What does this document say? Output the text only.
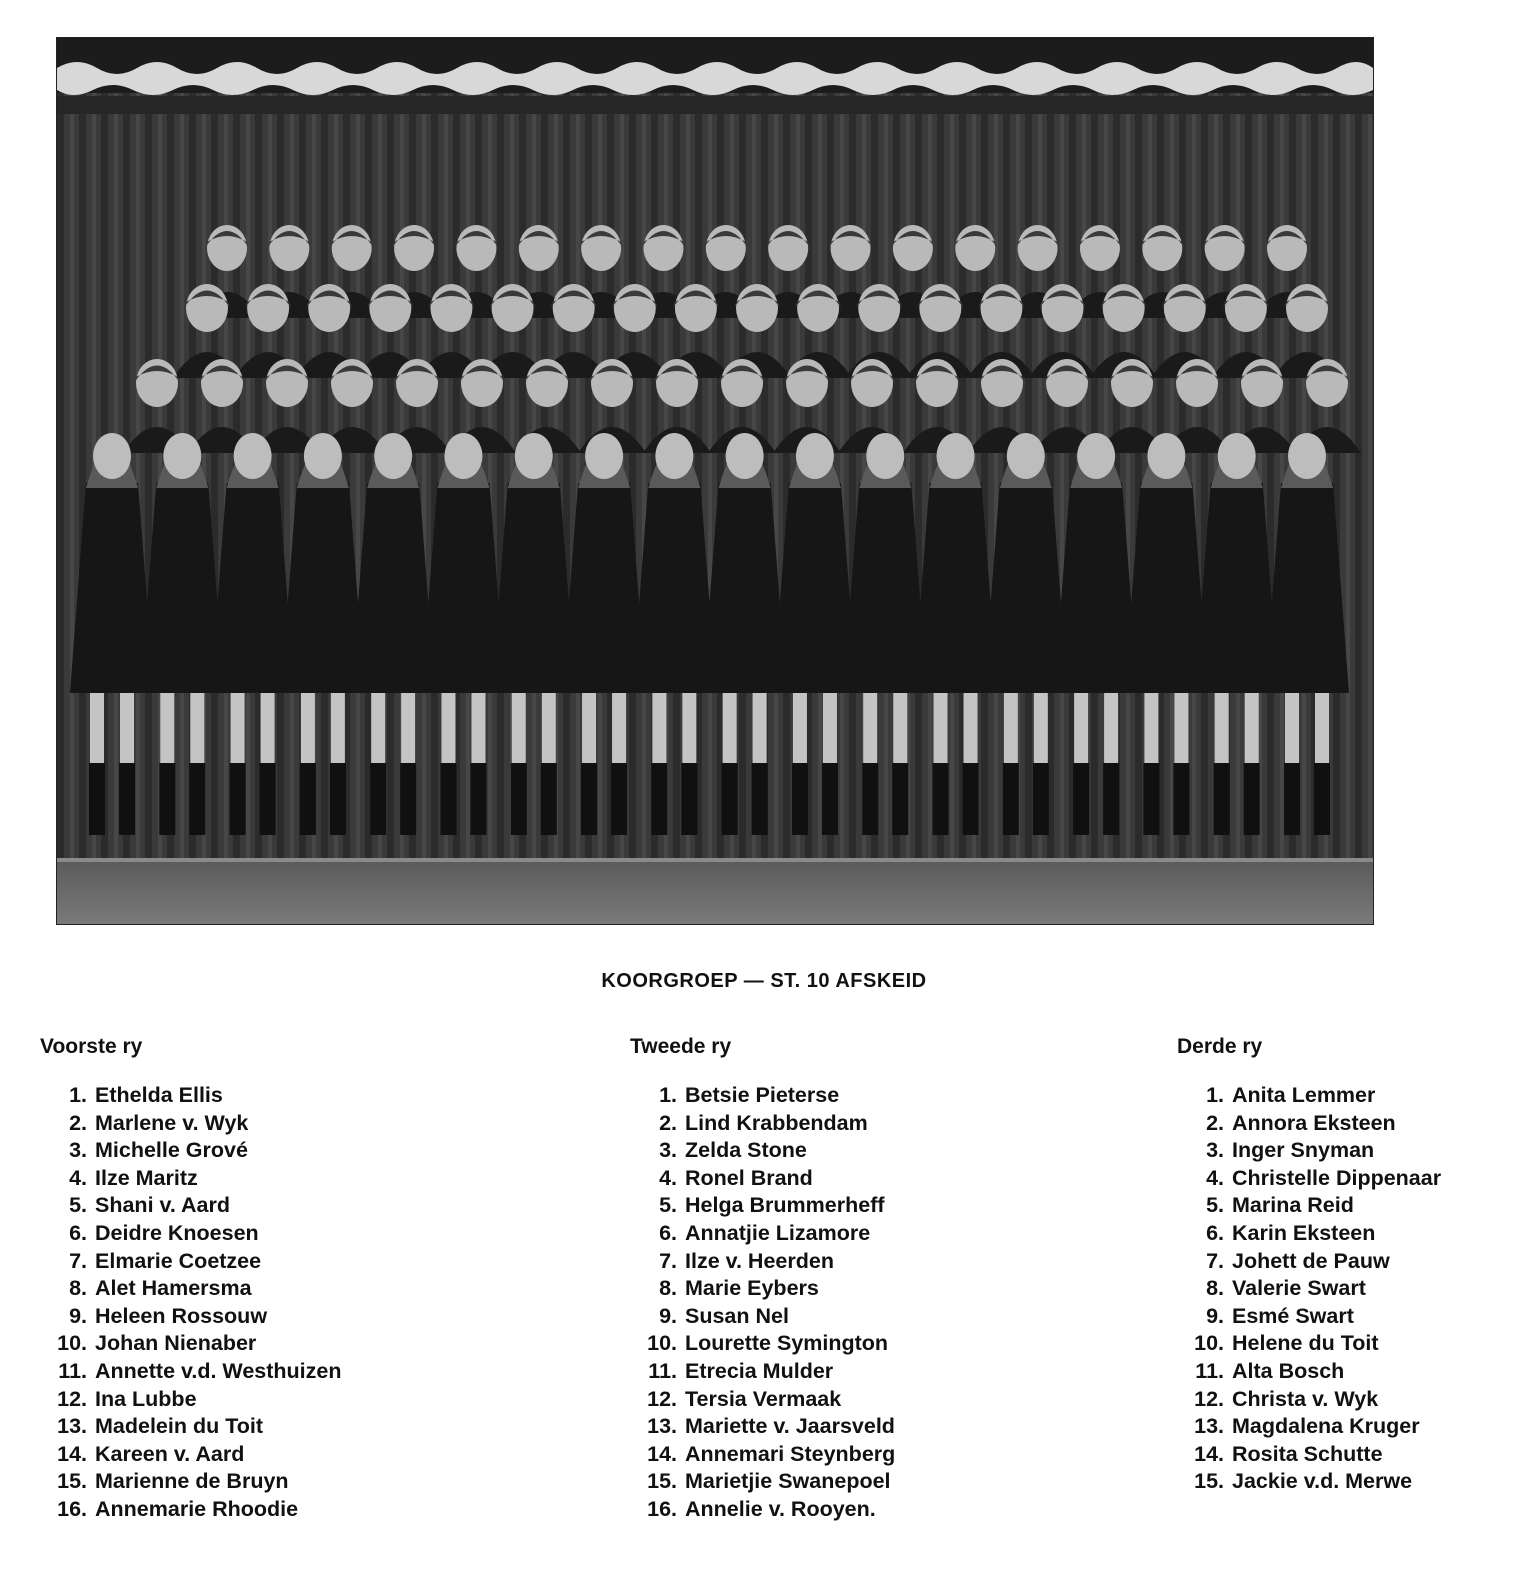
KOORGROEP — ST. 10 AFSKEID
Voorste ry
1. Ethelda Ellis
2. Marlene v. Wyk
3. Michelle Grové
4. Ilze Maritz
5. Shani v. Aard
6. Deidre Knoesen
7. Elmarie Coetzee
8. Alet Hamersma
9. Heleen Rossouw
10. Johan Nienaber
11. Annette v.d. Westhuizen
12. Ina Lubbe
13. Madelein du Toit
14. Kareen v. Aard
15. Marienne de Bruyn
16. Annemarie Rhoodie
Tweede ry
1. Betsie Pieterse
2. Lind Krabbendam
3. Zelda Stone
4. Ronel Brand
5. Helga Brummerheff
6. Annatjie Lizamore
7. Ilze v. Heerden
8. Marie Eybers
9. Susan Nel
10. Lourette Symington
11. Etrecia Mulder
12. Tersia Vermaak
13. Mariette v. Jaarsveld
14. Annemari Steynberg
15. Marietjie Swanepoel
16. Annelie v. Rooyen.
Derde ry
1. Anita Lemmer
2. Annora Eksteen
3. Inger Snyman
4. Christelle Dippenaar
5. Marina Reid
6. Karin Eksteen
7. Johett de Pauw
8. Valerie Swart
9. Esmé Swart
10. Helene du Toit
11. Alta Bosch
12. Christa v. Wyk
13. Magdalena Kruger
14. Rosita Schutte
15. Jackie v.d. Merwe
